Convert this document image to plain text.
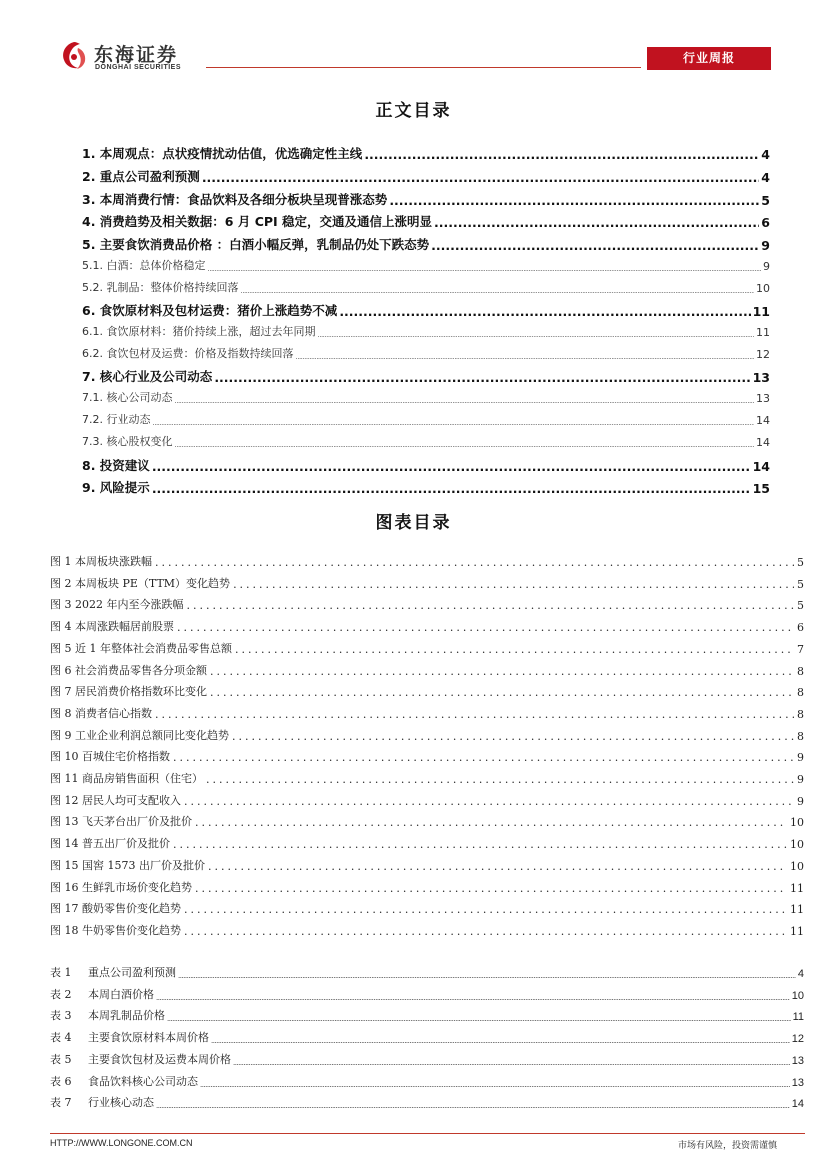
东海证券
DONGHAI SECURITIES
行业周报
正文目录
1. 本周观点：点状疫情扰动估值，优选确定性主线 .....	4
2. 重点公司盈利预测 .....	4
3. 本周消费行情：食品饮料及各细分板块呈现普涨态势 .....	5
4. 消费趋势及相关数据：6 月 CPI 稳定，交通及通信上涨明显 .....	6
5. 主要食饮消费品价格 ：白酒小幅反弹，乳制品仍处下跌态势 .....	9
5.1. 白酒：总体价格稳定 .....	9
5.2. 乳制品：整体价格持续回落 .....	10
6. 食饮原材料及包材运费：猪价上涨趋势不减 .....	11
6.1. 食饮原材料：猪价持续上涨，超过去年同期 .....	11
6.2. 食饮包材及运费：价格及指数持续回落 .....	12
7. 核心行业及公司动态 .....	13
7.1. 核心公司动态 .....	13
7.2. 行业动态 .....	14
7.3. 核心股权变化 .....	14
8. 投资建议 .....	14
9. 风险提示 .....	15
图表目录
图 1 本周板块涨跌幅 .....	5
图 2 本周板块 PE（TTM）变化趋势 .....	5
图 3 2022 年内至今涨跌幅 .....	5
图 4 本周涨跌幅居前股票 .....	6
图 5 近 1 年整体社会消费品零售总额 .....	7
图 6 社会消费品零售各分项金额 .....	8
图 7 居民消费价格指数环比变化 .....	8
图 8 消费者信心指数 .....	8
图 9 工业企业利润总额同比变化趋势 .....	8
图 10 百城住宅价格指数 .....	9
图 11 商品房销售面积（住宅） .....	9
图 12 居民人均可支配收入 .....	9
图 13 飞天茅台出厂价及批价 .....	10
图 14 普五出厂价及批价 .....	10
图 15 国窖 1573 出厂价及批价 .....	10
图 16 生鲜乳市场价变化趋势 .....	11
图 17 酸奶零售价变化趋势 .....	11
图 18 牛奶零售价变化趋势 .....	11
表 1	重点公司盈利预测 .....	4
表 2	本周白酒价格 .....	10
表 3	本周乳制品价格 .....	11
表 4	主要食饮原材料本周价格 .....	12
表 5	主要食饮包材及运费本周价格 .....	13
表 6	食品饮料核心公司动态 .....	13
表 7	行业核心动态 .....	14
HTTP://WWW.LONGONE.COM.CN	市场有风险，投资需谨慎
